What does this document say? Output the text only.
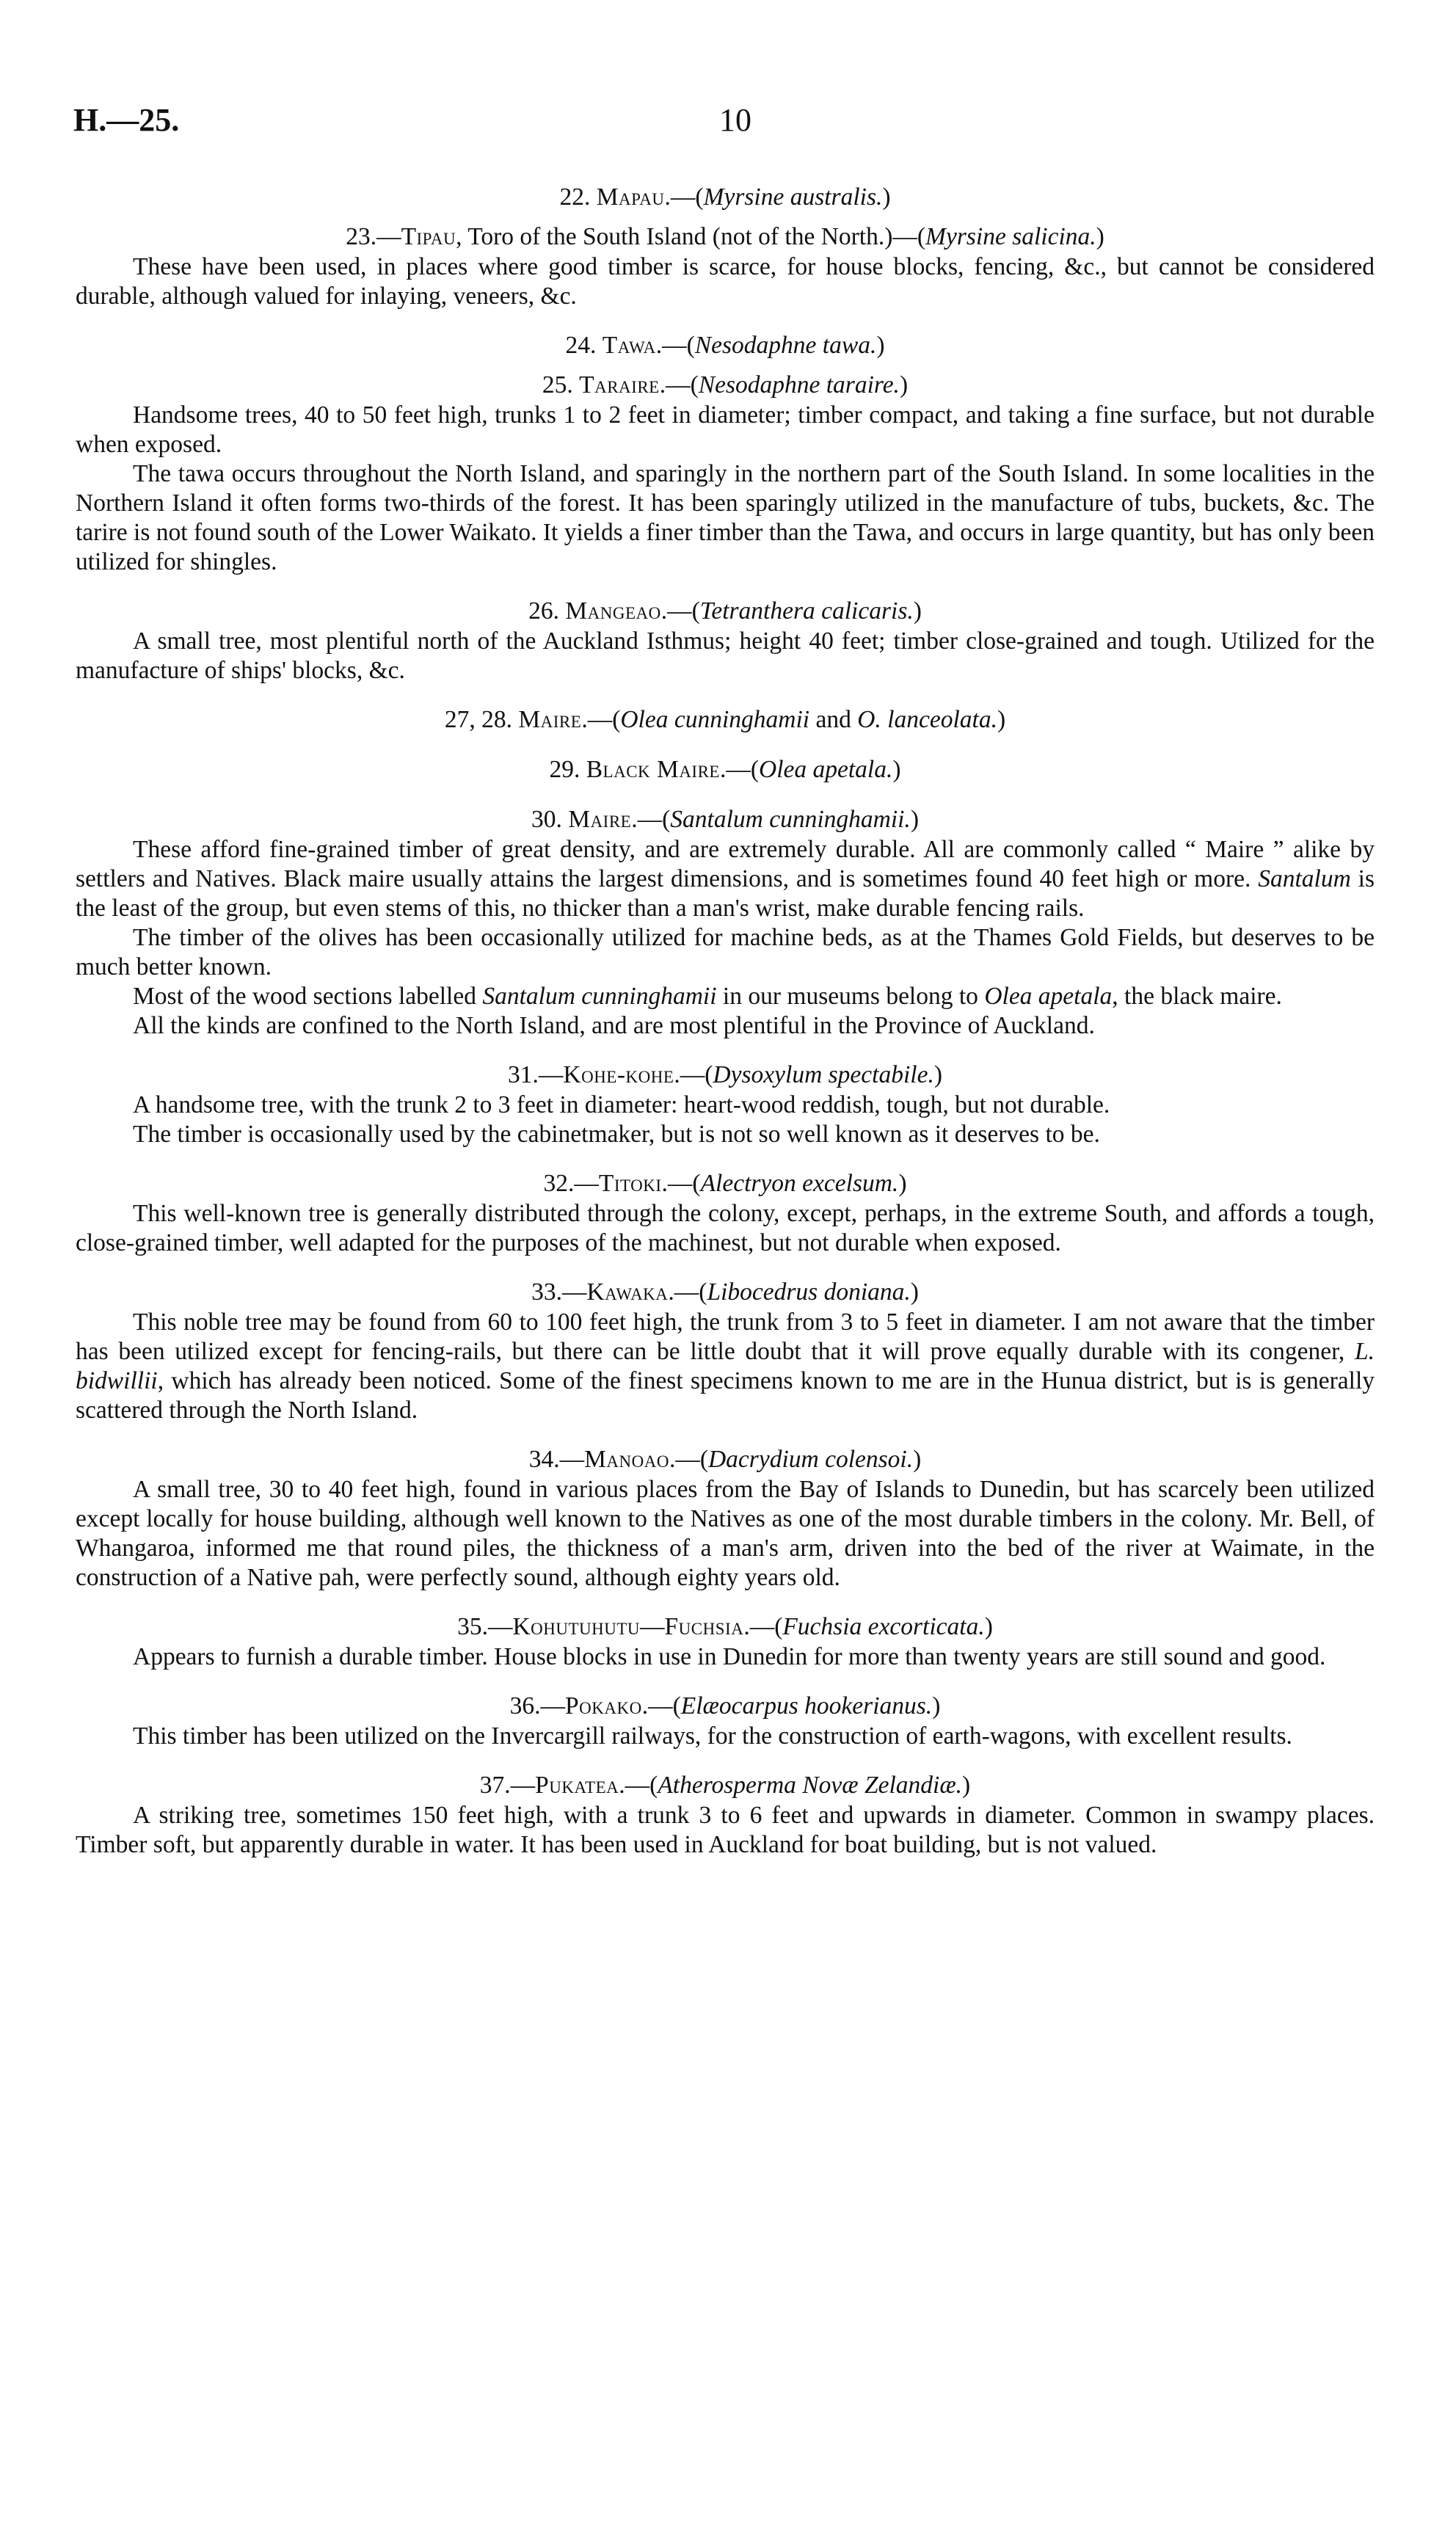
H.—25.	10
22. Mapau.—(Myrsine australis.)
23.—Tipau, Toro of the South Island (not of the North.)—(Myrsine salicina.)

These have been used, in places where good timber is scarce, for house blocks, fencing, &c., but cannot be considered durable, although valued for inlaying, veneers, &c.

24. Tawa.—(Nesodaphne tawa.)
25. Taraire.—(Nesodaphne taraire.)

Handsome trees, 40 to 50 feet high, trunks 1 to 2 feet in diameter; timber compact, and taking a fine surface, but not durable when exposed.

The tawa occurs throughout the North Island, and sparingly in the northern part of the South Island. In some localities in the Northern Island it often forms two-thirds of the forest. It has been sparingly utilized in the manufacture of tubs, buckets, &c. The tarire is not found south of the Lower Waikato. It yields a finer timber than the Tawa, and occurs in large quantity, but has only been utilized for shingles.

26. Mangeao.—(Tetranthera calicaris.)

A small tree, most plentiful north of the Auckland Isthmus; height 40 feet; timber close-grained and tough. Utilized for the manufacture of ships' blocks, &c.

27, 28. Maire.—(Olea cunninghamii and O. lanceolata.)
29. Black Maire.—(Olea apetala.)
30. Maire.—(Santalum cunninghamii.)

These afford fine-grained timber of great density, and are extremely durable. All are commonly called “ Maire ” alike by settlers and Natives. Black maire usually attains the largest dimensions, and is sometimes found 40 feet high or more. Santalum is the least of the group, but even stems of this, no thicker than a man's wrist, make durable fencing rails.

The timber of the olives has been occasionally utilized for machine beds, as at the Thames Gold Fields, but deserves to be much better known.

Most of the wood sections labelled Santalum cunninghamii in our museums belong to Olea apetala, the black maire.

All the kinds are confined to the North Island, and are most plentiful in the Province of Auckland.

31.—Kohe-kohe.—(Dysoxylum spectabile.)

A handsome tree, with the trunk 2 to 3 feet in diameter: heart-wood reddish, tough, but not durable.

The timber is occasionally used by the cabinetmaker, but is not so well known as it deserves to be.

32.—Titoki.—(Alectryon excelsum.)

This well-known tree is generally distributed through the colony, except, perhaps, in the extreme South, and affords a tough, close-grained timber, well adapted for the purposes of the machinest, but not durable when exposed.

33.—Kawaka.—(Libocedrus doniana.)

This noble tree may be found from 60 to 100 feet high, the trunk from 3 to 5 feet in diameter. I am not aware that the timber has been utilized except for fencing-rails, but there can be little doubt that it will prove equally durable with its congener, L. bidwillii, which has already been noticed. Some of the finest specimens known to me are in the Hunua district, but is is generally scattered through the North Island.

34.—Manoao.—(Dacrydium colensoi.)

A small tree, 30 to 40 feet high, found in various places from the Bay of Islands to Dunedin, but has scarcely been utilized except locally for house building, although well known to the Natives as one of the most durable timbers in the colony. Mr. Bell, of Whangaroa, informed me that round piles, the thickness of a man's arm, driven into the bed of the river at Waimate, in the construction of a Native pah, were perfectly sound, although eighty years old.

35.—Kohutuhutu—Fuchsia.—(Fuchsia excorticata.)

Appears to furnish a durable timber. House blocks in use in Dunedin for more than twenty years are still sound and good.

36.—Pokako.—(Elæocarpus hookerianus.)

This timber has been utilized on the Invercargill railways, for the construction of earth-wagons, with excellent results.

37.—Pukatea.—(Atherosperma Novæ Zelandiæ.)

A striking tree, sometimes 150 feet high, with a trunk 3 to 6 feet and upwards in diameter. Common in swampy places. Timber soft, but apparently durable in water. It has been used in Auckland for boat building, but is not valued.
